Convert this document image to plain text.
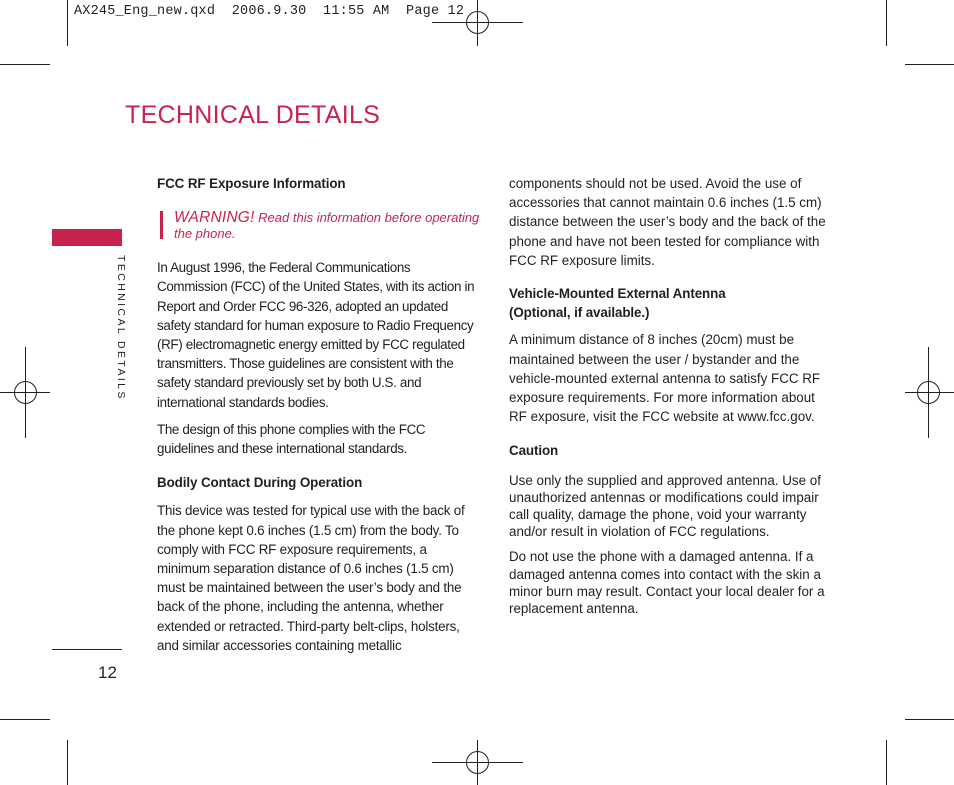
AX245_Eng_new.qxd  2006.9.30  11:55 AM  Page 12
TECHNICAL DETAILS
TECHNICAL DETAILS
12

FCC RF Exposure Information

WARNING! Read this information before operating the phone.

In August 1996, the Federal Communications Commission (FCC) of the United States, with its action in Report and Order FCC 96-326, adopted an updated safety standard for human exposure to Radio Frequency (RF) electromagnetic energy emitted by FCC regulated transmitters. Those guidelines are consistent with the safety standard previously set by both U.S. and international standards bodies.

The design of this phone complies with the FCC guidelines and these international standards.

Bodily Contact During Operation

This device was tested for typical use with the back of the phone kept 0.6 inches (1.5 cm) from the body. To comply with FCC RF exposure requirements, a minimum separation distance of 0.6 inches (1.5 cm) must be maintained between the user’s body and the back of the phone, including the antenna, whether extended or retracted. Third-party belt-clips, holsters, and similar accessories containing metallic

components should not be used. Avoid the use of accessories that cannot maintain 0.6 inches (1.5 cm) distance between the user’s body and the back of the phone and have not been tested for compliance with FCC RF exposure limits.

Vehicle-Mounted External Antenna

(Optional, if available.)

A minimum distance of 8 inches (20cm) must be maintained between the user / bystander and the vehicle-mounted external antenna to satisfy FCC RF exposure requirements. For more information about RF exposure, visit the FCC website at www.fcc.gov.

Caution

Use only the supplied and approved antenna. Use of unauthorized antennas or modifications could impair call quality, damage the phone, void your warranty and/or result in violation of FCC regulations.

Do not use the phone with a damaged antenna. If a damaged antenna comes into contact with the skin a minor burn may result. Contact your local dealer for a replacement antenna.
